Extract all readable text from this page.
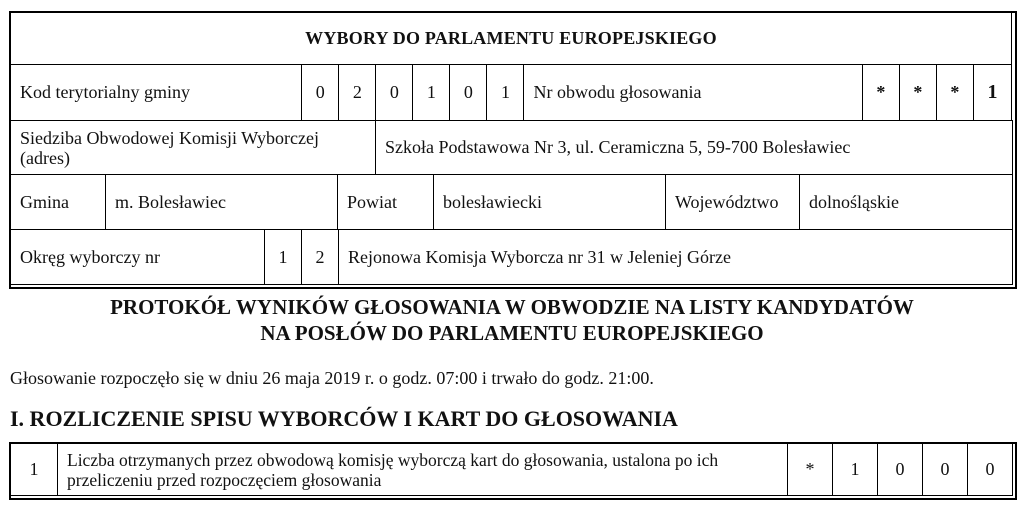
WYBORY DO PARLAMENTU EUROPEJSKIEGO
Kod terytorialny gminy	0	2	0	1	0	1	Nr obwodu głosowania	*	*	*	1
Siedziba Obwodowej Komisji Wyborczej (adres)	Szkoła Podstawowa Nr 3, ul. Ceramiczna 5, 59-700 Bolesławiec
Gmina	m. Bolesławiec	Powiat	bolesławiecki	Województwo	dolnośląskie
Okręg wyborczy nr	1	2	Rejonowa Komisja Wyborcza nr 31 w Jeleniej Górze
PROTOKÓŁ WYNIKÓW GŁOSOWANIA W OBWODZIE NA LISTY KANDYDATÓW
NA POSŁÓW DO PARLAMENTU EUROPEJSKIEGO
Głosowanie rozpoczęło się w dniu 26 maja 2019 r. o godz. 07:00 i trwało do godz. 21:00.
I. ROZLICZENIE SPISU WYBORCÓW I KART DO GŁOSOWANIA
1	Liczba otrzymanych przez obwodową komisję wyborczą kart do głosowania, ustalona po ich przeliczeniu przed rozpoczęciem głosowania	*	1	0	0	0
